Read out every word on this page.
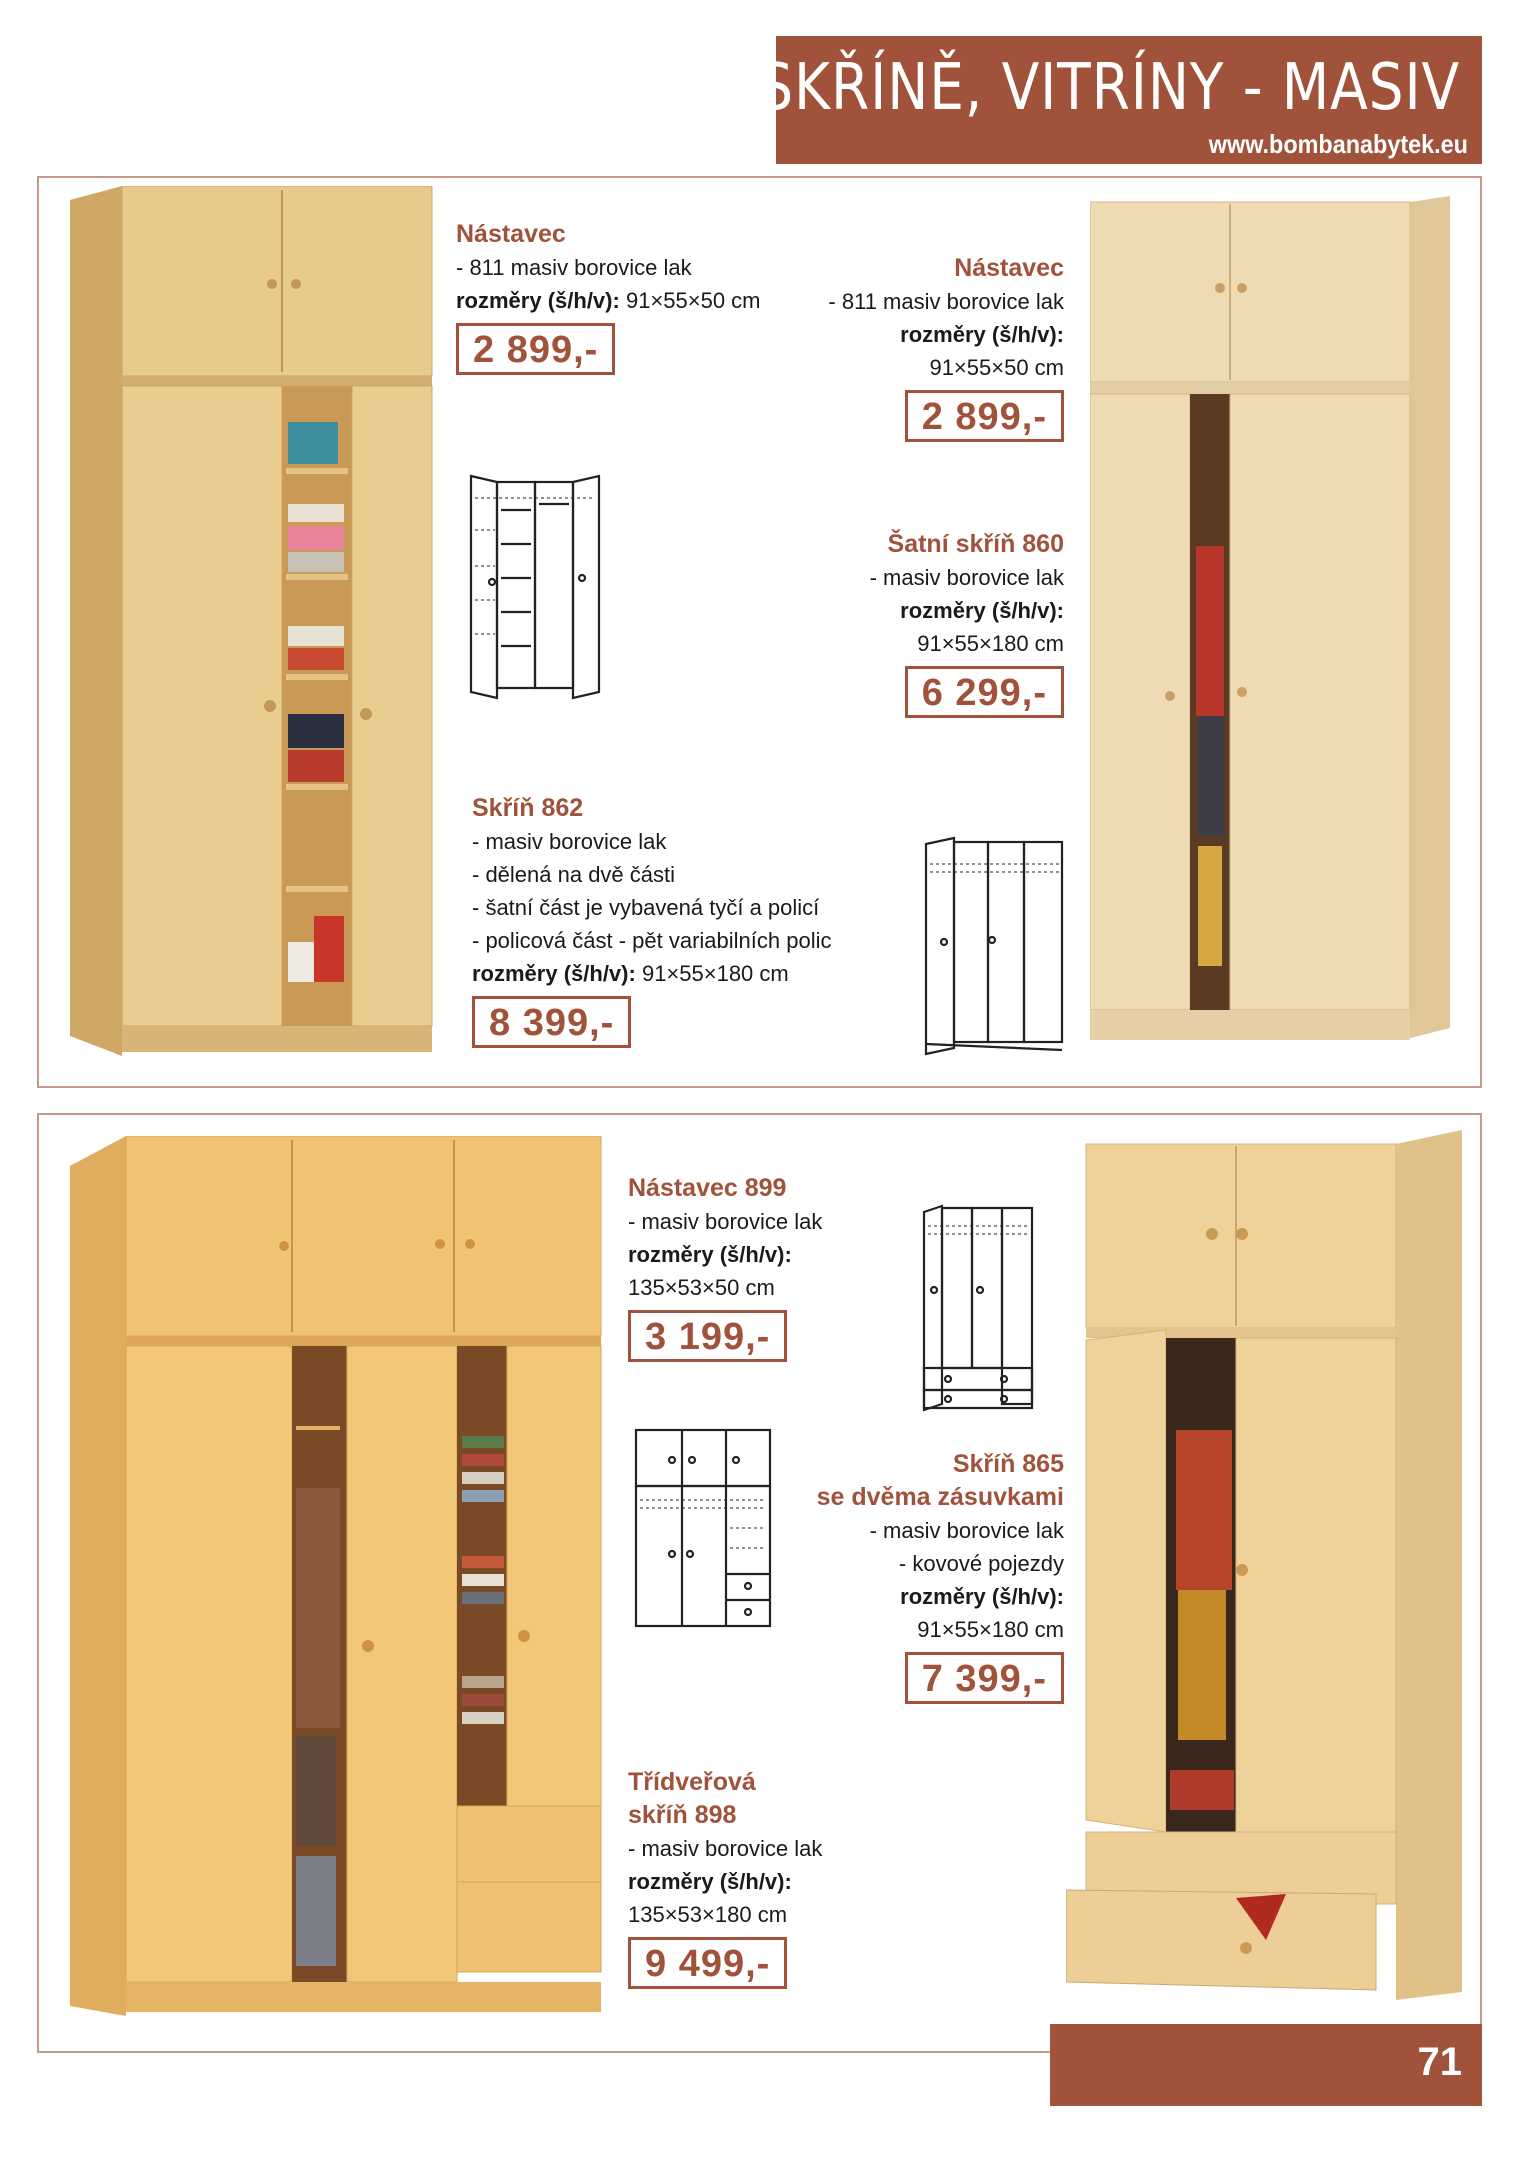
SKŘÍNĚ, VITRÍNY - MASIV
www.bombanabytek.eu
Nástavec
- 811 masiv borovice lak
rozměry (š/h/v): 91×55×50 cm
2 899,-
Nástavec
- 811 masiv borovice lak
rozměry (š/h/v):
91×55×50 cm
2 899,-
Šatní skříň 860
- masiv borovice lak
rozměry (š/h/v):
91×55×180 cm
6 299,-
Skříň 862
- masiv borovice lak
- dělená na dvě části
- šatní část je vybavená tyčí a policí
- policová část - pět variabilních polic
rozměry (š/h/v): 91×55×180 cm
8 399,-
Nástavec 899
- masiv borovice lak
rozměry (š/h/v):
135×53×50 cm
3 199,-
Skříň 865
se dvěma zásuvkami
- masiv borovice lak
- kovové pojezdy
rozměry (š/h/v):
91×55×180 cm
7 399,-
Třídveřová
skříň 898
- masiv borovice lak
rozměry (š/h/v):
135×53×180 cm
9 499,-
71
